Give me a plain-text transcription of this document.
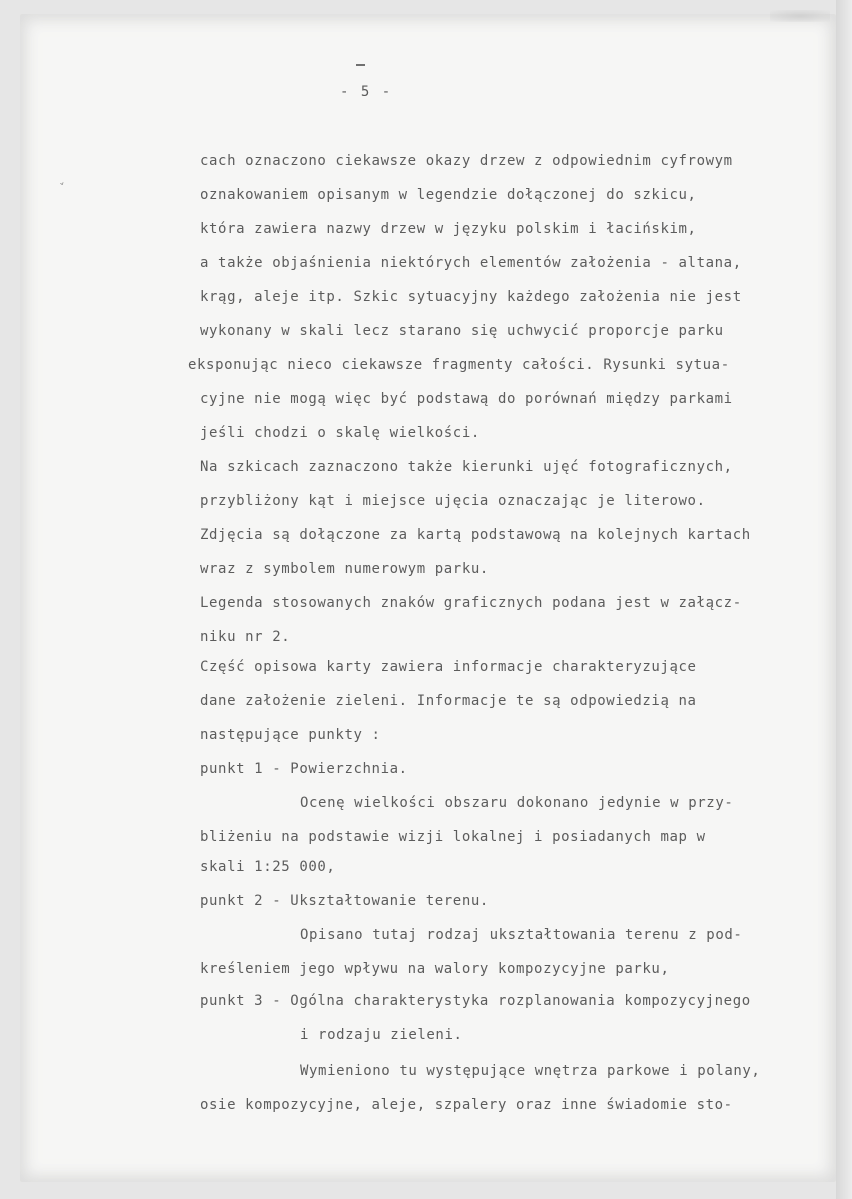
- 5 -
ˇ
cach oznaczono ciekawsze okazy drzew z odpowiednim cyfrowym
oznakowaniem opisanym w legendzie dołączonej do szkicu,
która zawiera nazwy drzew w języku polskim i łacińskim,
a także objaśnienia niektórych elementów założenia - altana,
krąg, aleje itp. Szkic sytuacyjny każdego założenia nie jest
wykonany w skali lecz starano się uchwycić proporcje parku
eksponując nieco ciekawsze fragmenty całości. Rysunki sytua-
cyjne nie mogą więc być podstawą do porównań między parkami
jeśli chodzi o skalę wielkości.
Na szkicach zaznaczono także kierunki ujęć fotograficznych,
przybliżony kąt i miejsce ujęcia oznaczając je literowo.
Zdjęcia są dołączone za kartą podstawową na kolejnych kartach
wraz z symbolem numerowym parku.
Legenda stosowanych znaków graficznych podana jest w załącz-
niku nr 2.
Część opisowa karty zawiera informacje charakteryzujące
dane założenie zieleni. Informacje te są odpowiedzią na
następujące punkty :
punkt 1 - Powierzchnia.
Ocenę wielkości obszaru dokonano jedynie w przy-
bliżeniu na podstawie wizji lokalnej i posiadanych map w
skali 1:25 000,
punkt 2 - Ukształtowanie terenu.
Opisano tutaj rodzaj ukształtowania terenu z pod-
kreśleniem jego wpływu na walory kompozycyjne parku,
punkt 3 - Ogólna charakterystyka rozplanowania kompozycyjnego
i rodzaju zieleni.
Wymieniono tu występujące wnętrza parkowe i polany,
osie kompozycyjne, aleje, szpalery oraz inne świadomie sto-
